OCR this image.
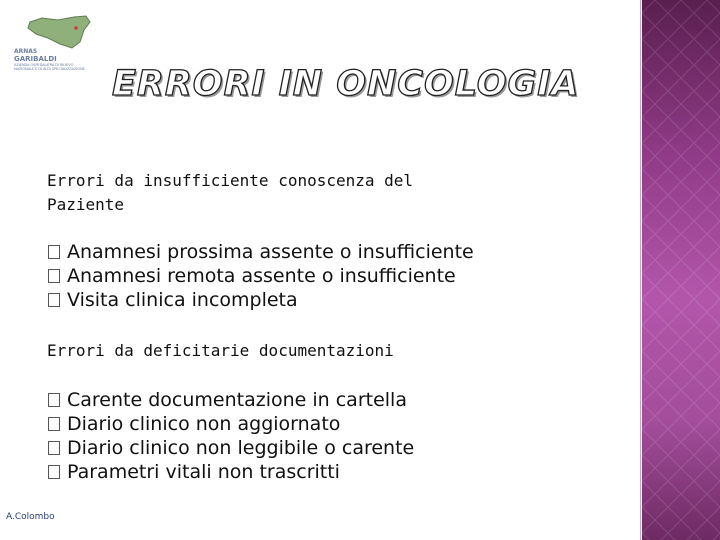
ARNAS
GARIBALDI
AZIENDA OSPEDALIERA DI RILIEVO
NAZIONALE E DI ALTA SPECIALIZZAZIONE ERRORI IN ONCOLOGIA
Errori da insufficiente conoscenza del Paziente
Anamnesi prossima assente o insufficiente
Anamnesi remota assente o insufficiente
Visita clinica incompleta
Errori da deficitarie documentazioni
Carente documentazione in cartella
Diario clinico non aggiornato
Diario clinico non leggibile o carente
Parametri vitali non trascritti
A.Colombo
